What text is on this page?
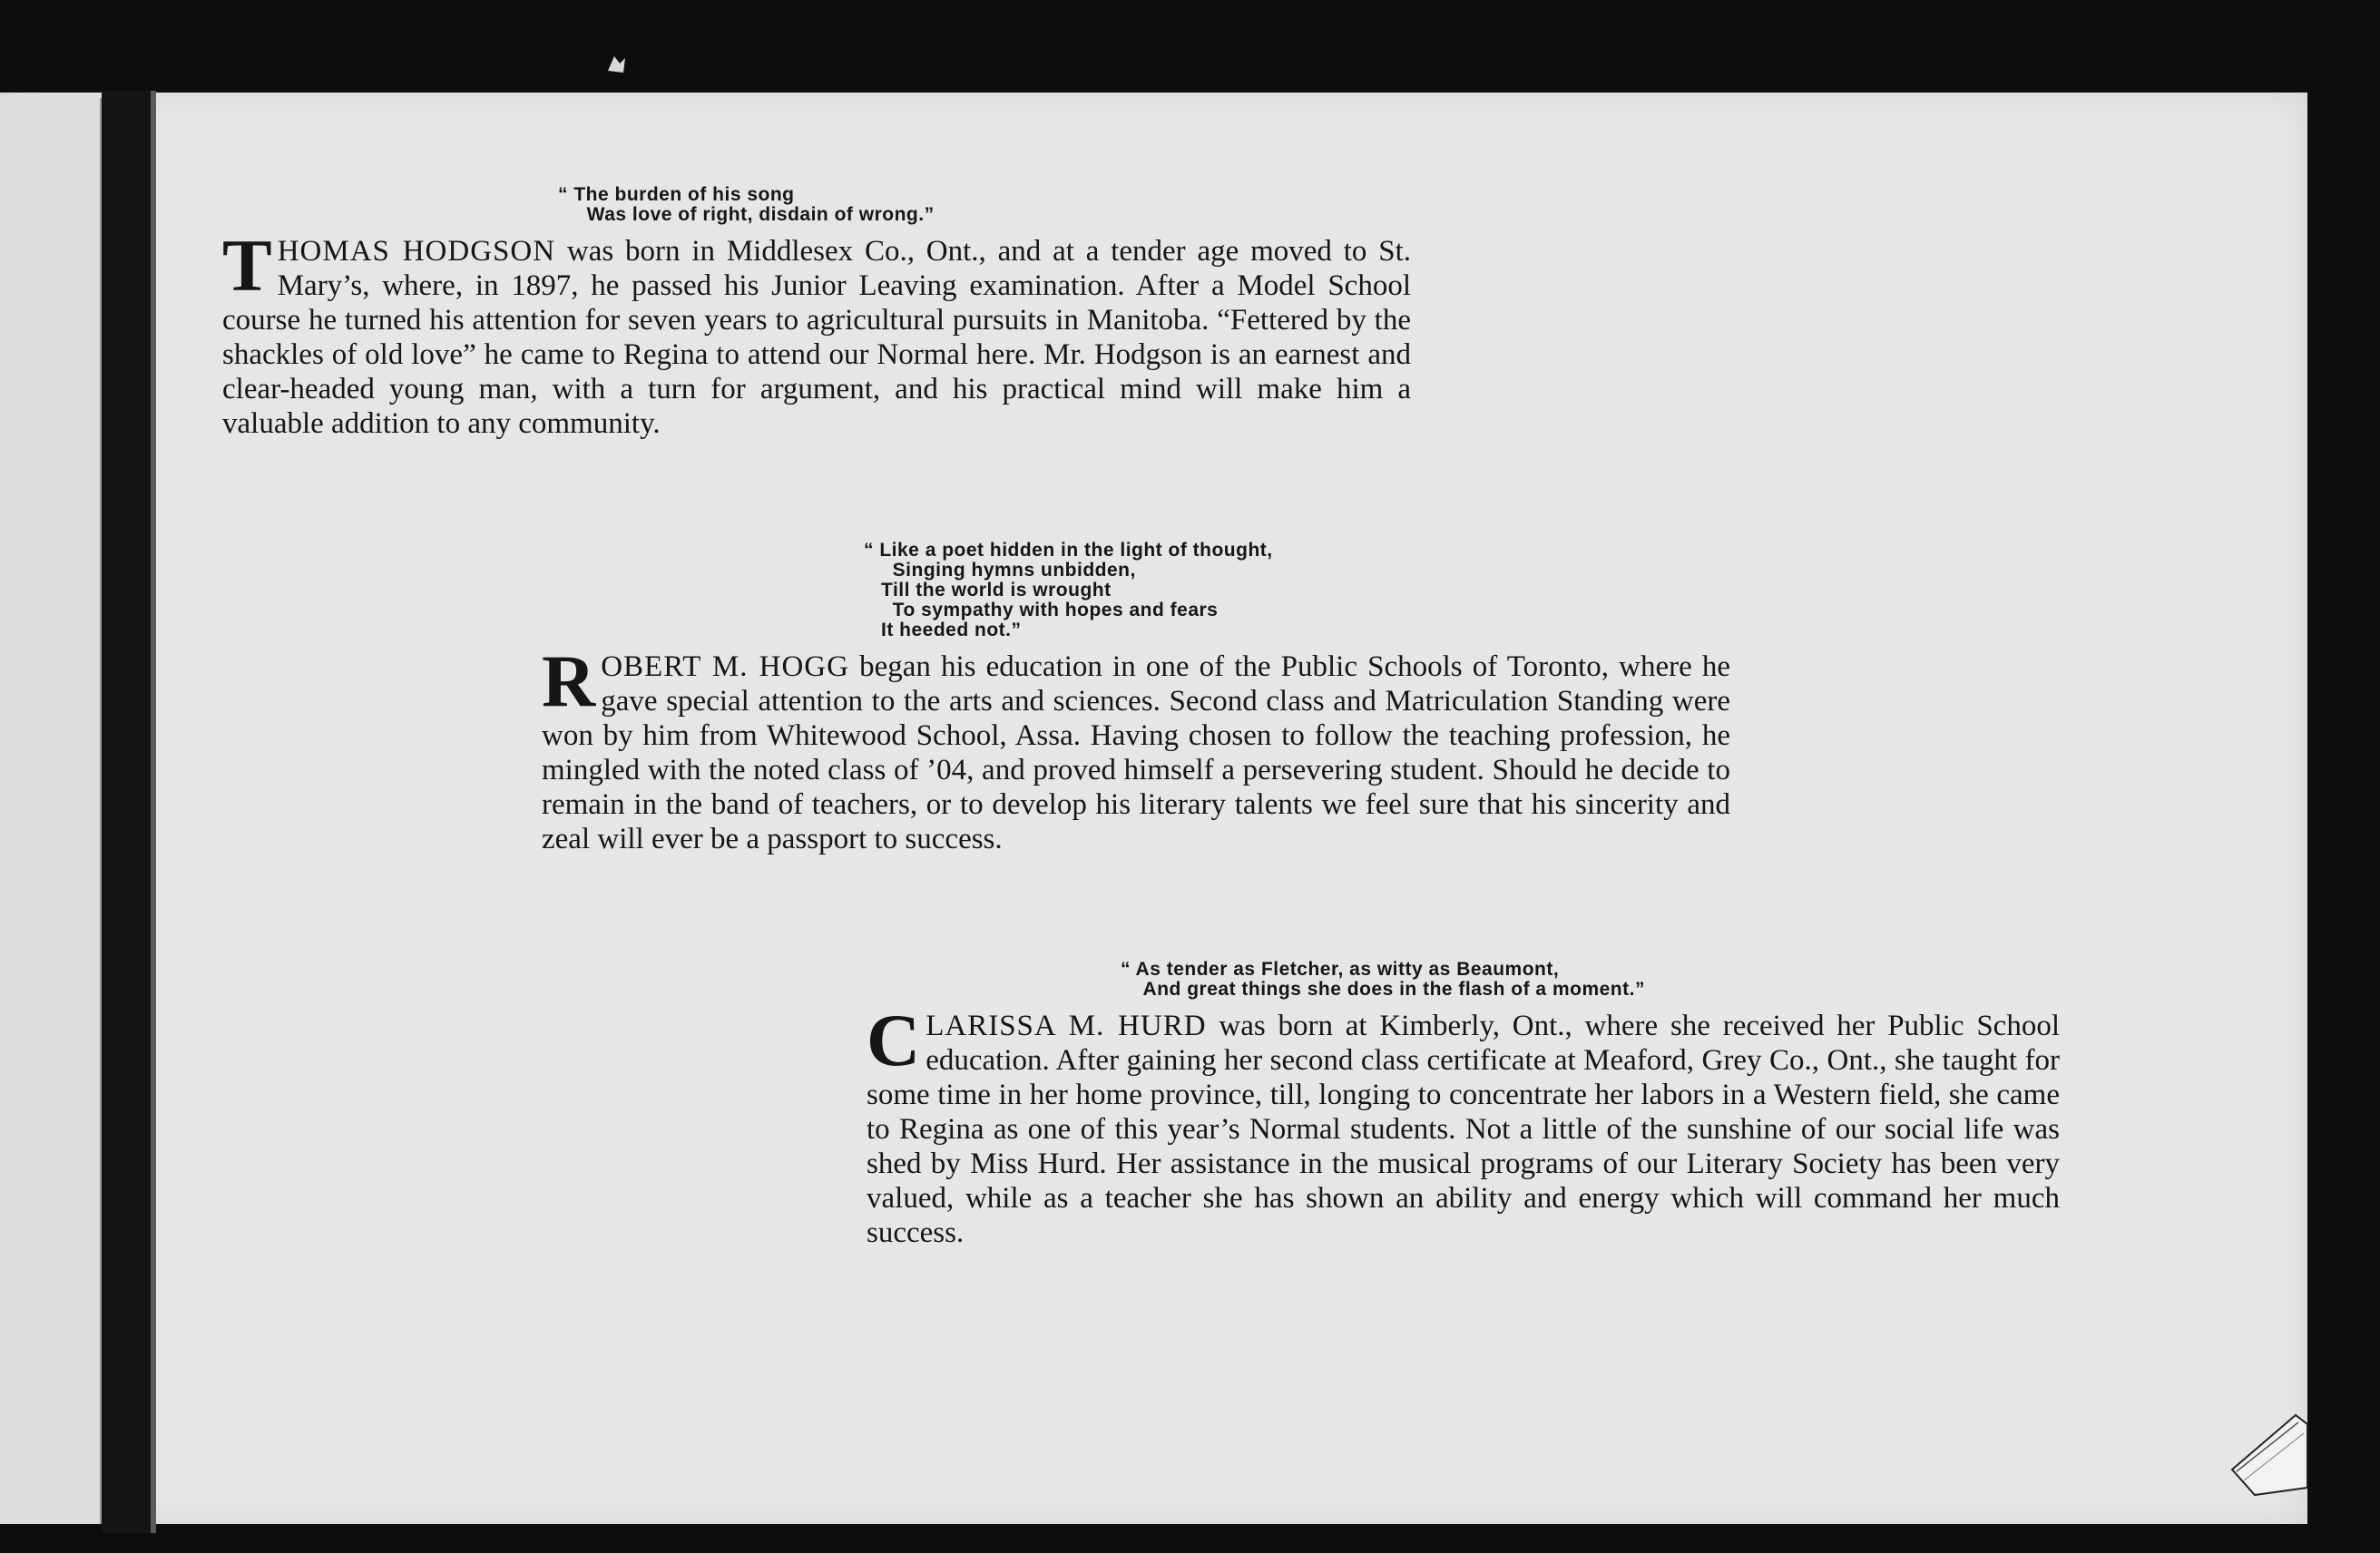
“ The burden of his song
Was love of right, disdain of wrong.”

THOMAS HODGSON was born in Middlesex Co., Ont., and at a tender age moved to St. Mary’s, where, in 1897, he passed his Junior Leaving examination. After a Model School course he turned his attention for seven years to agricultural pursuits in Manitoba. “Fettered by the shackles of old love” he came to Regina to attend our Normal here. Mr. Hodgson is an earnest and clear-headed young man, with a turn for argument, and his practical mind will make him a valuable addition to any community.

“ Like a poet hidden in the light of thought,
Singing hymns unbidden,
Till the world is wrought
To sympathy with hopes and fears
It heeded not.”

ROBERT M. HOGG began his education in one of the Public Schools of Toronto, where he gave special attention to the arts and sciences. Second class and Matriculation Standing were won by him from Whitewood School, Assa. Having chosen to follow the teaching profession, he mingled with the noted class of ’04, and proved himself a persevering student. Should he decide to remain in the band of teachers, or to develop his literary talents we feel sure that his sincerity and zeal will ever be a passport to success.

“ As tender as Fletcher, as witty as Beaumont,
And great things she does in the flash of a moment.”

CLARISSA M. HURD was born at Kimberly, Ont., where she received her Public School education. After gaining her second class certificate at Meaford, Grey Co., Ont., she taught for some time in her home province, till, longing to concentrate her labors in a Western field, she came to Regina as one of this year’s Normal students. Not a little of the sunshine of our social life was shed by Miss Hurd. Her assistance in the musical programs of our Literary Society has been very valued, while as a teacher she has shown an ability and energy which will command her much success.
